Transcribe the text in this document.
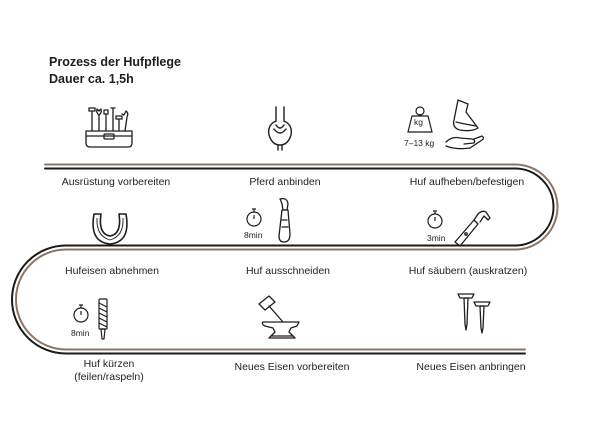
Prozess der Hufpflege
Dauer ca. 1,5h
Ausrüstung vorbereiten	Pferd anbinden
kg
7–13 kg
Huf aufheben/befestigen
Hufeisen abnehmen
8min
Huf ausschneiden
3min
Huf säubern (auskratzen)
8min
Huf kürzen
(feilen/raspeln)
Neues Eisen vorbereiten	Neues Eisen anbringen
